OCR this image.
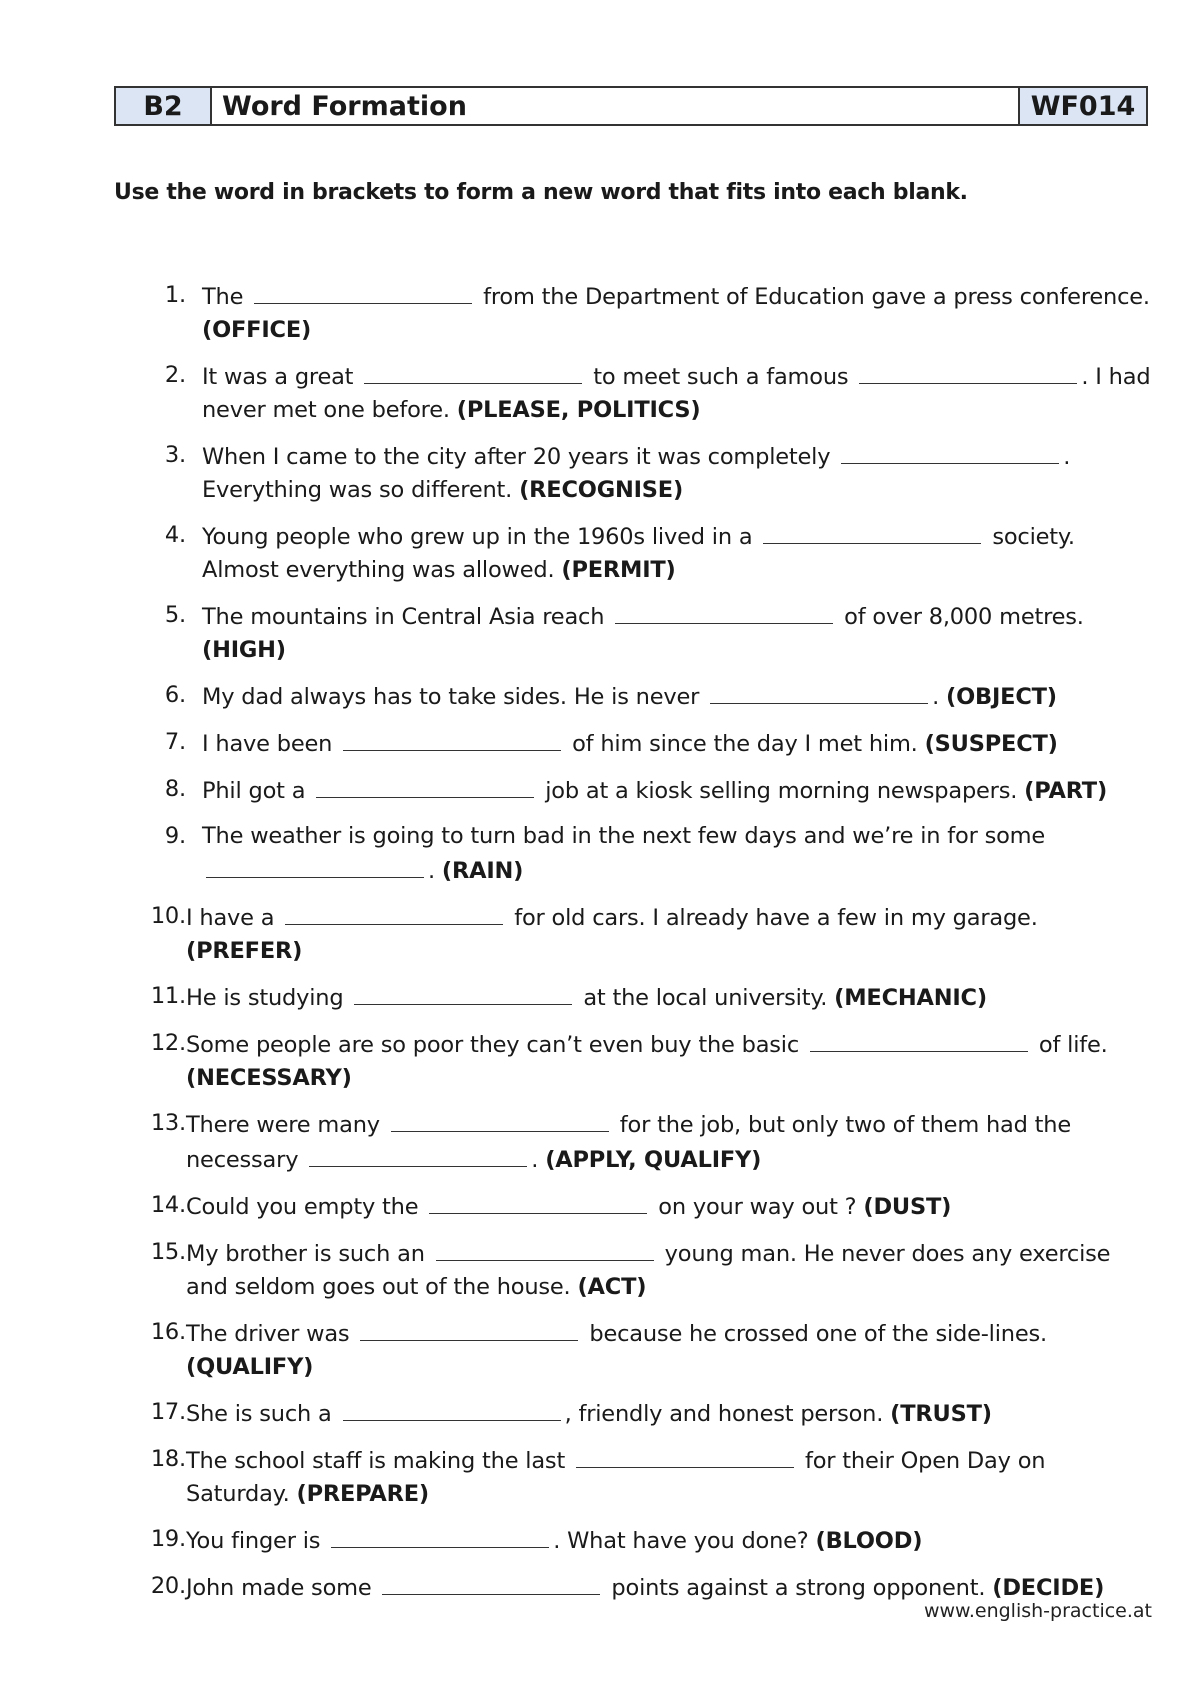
B2	Word Formation	WF014
Use the word in brackets to form a new word that fits into each blank.
1. The	from the Department of Education gave a press conference. (OFFICE)
2. It was a great	to meet such a famous	. I had never met one before. (PLEASE, POLITICS)
3. When I came to the city after 20 years it was completely	. Everything was so different. (RECOGNISE)
4. Young people who grew up in the 1960s lived in a	society. Almost everything was allowed. (PERMIT)
5. The mountains in Central Asia reach	of over 8,000 metres. (HIGH)
6. My dad always has to take sides. He is never	. (OBJECT)
7. I have been	of him since the day I met him. (SUSPECT)
8. Phil got a	job at a kiosk selling morning newspapers. (PART)
9. The weather is going to turn bad in the next few days and we’re in for some . (RAIN)
10. I have a	for old cars. I already have a few in my garage. (PREFER)
11. He is studying	at the local university. (MECHANIC)
12. Some people are so poor they can’t even buy the basic	of life. (NECESSARY)
13. There were many	for the job, but only two of them had the necessary	. (APPLY, QUALIFY)
14. Could you empty the	on your way out ? (DUST)
15. My brother is such an	young man. He never does any exercise and seldom goes out of the house. (ACT)
16. The driver was	because he crossed one of the side-lines. (QUALIFY)
17. She is such a	, friendly and honest person. (TRUST)
18. The school staff is making the last	for their Open Day on Saturday. (PREPARE)
19. You finger is	. What have you done? (BLOOD)
20. John made some	points against a strong opponent. (DECIDE)
www.english-practice.at
